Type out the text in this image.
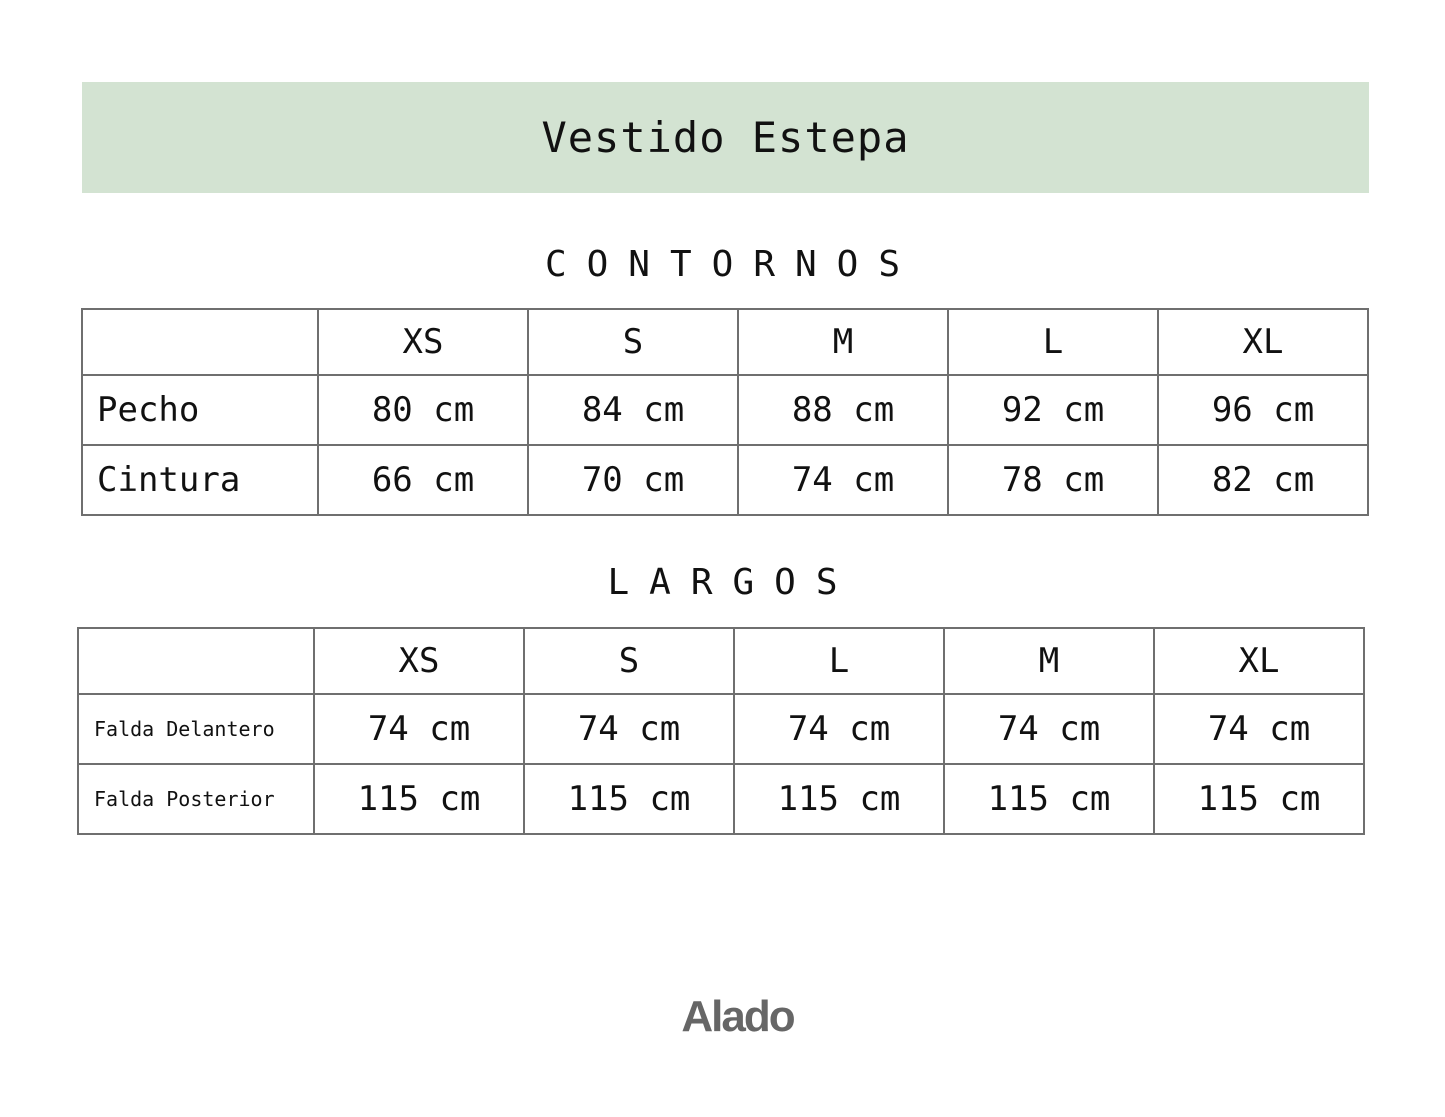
Vestido Estepa
CONTORNOS
	XS	S	M	L	XL
Pecho	80 cm	84 cm	88 cm	92 cm	96 cm
Cintura	66 cm	70 cm	74 cm	78 cm	82 cm
LARGOS
	XS	S	L	M	XL
Falda Delantero	74 cm	74 cm	74 cm	74 cm	74 cm
Falda Posterior	115 cm	115 cm	115 cm	115 cm	115 cm
Alado
